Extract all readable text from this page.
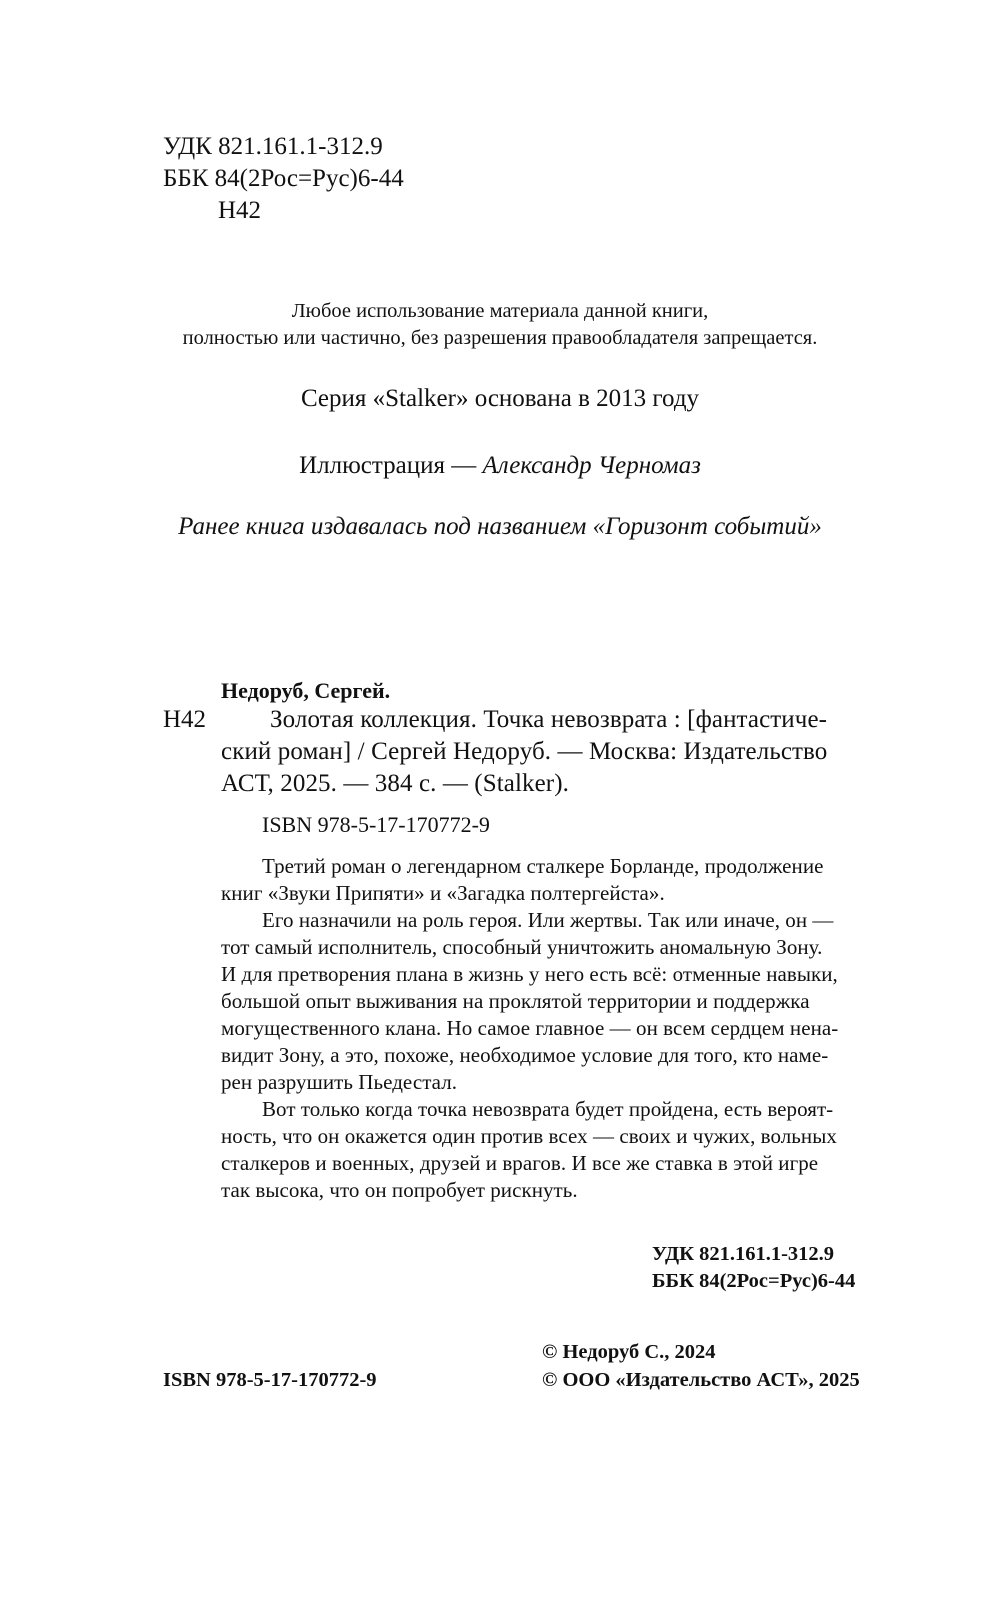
УДК 821.161.1-312.9
ББК 84(2Рос=Рус)6-44
Н42
Любое использование материала данной книги,
полностью или частично, без разрешения правообладателя запрещается.
Серия «Stalker» основана в 2013 году
Иллюстрация — Александр Черномаз
Ранее книга издавалась под названием «Горизонт событий»
Недоруб, Сергей.
Н42	Золотая коллекция. Точка невозврата : [фантастиче-
ский роман] / Сергей Недоруб. — Москва: Издательство
АСТ, 2025. — 384 с. — (Stalker).
ISBN 978-5-17-170772-9
Третий роман о легендарном сталкере Борланде, продолжение
книг «Звуки Припяти» и «Загадка полтергейста».
Его назначили на роль героя. Или жертвы. Так или иначе, он —
тот самый исполнитель, способный уничтожить аномальную Зону.
И для претворения плана в жизнь у него есть всё: отменные навыки,
большой опыт выживания на проклятой территории и поддержка
могущественного клана. Но самое главное — он всем сердцем нена-
видит Зону, а это, похоже, необходимое условие для того, кто наме-
рен разрушить Пьедестал.
Вот только когда точка невозврата будет пройдена, есть вероят-
ность, что он окажется один против всех — своих и чужих, вольных
сталкеров и военных, друзей и врагов. И все же ставка в этой игре
так высока, что он попробует рискнуть.
УДК 821.161.1-312.9
ББК 84(2Рос=Рус)6-44
© Недоруб С., 2024
ISBN 978-5-17-170772-9	© ООО «Издательство АСТ», 2025
